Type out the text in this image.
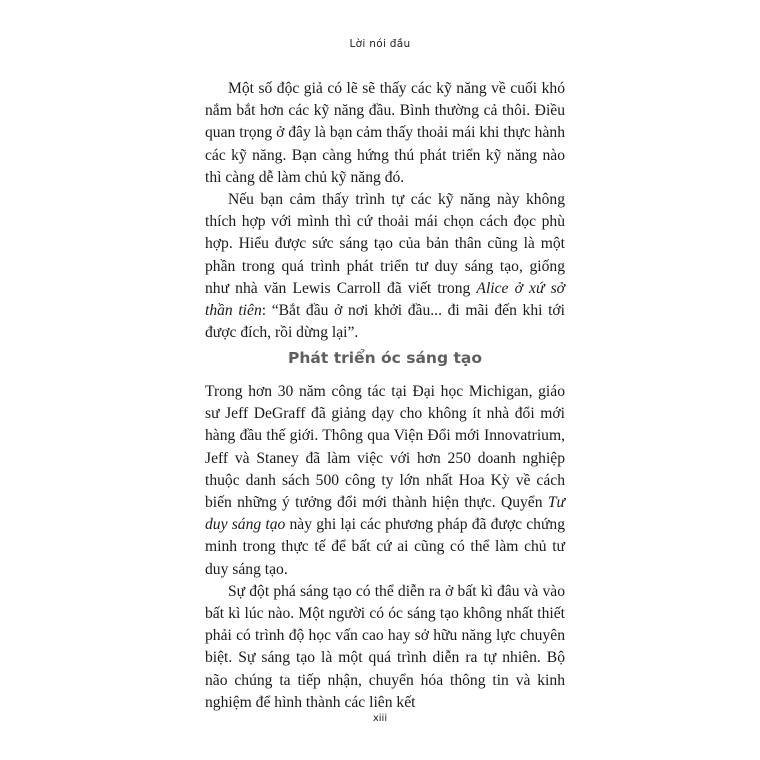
Lời nói đầu

Một số độc giả có lẽ sẽ thấy các kỹ năng về cuối khó nắm bắt hơn các kỹ năng đầu. Bình thường cả thôi. Điều quan trọng ở đây là bạn cảm thấy thoải mái khi thực hành các kỹ năng. Bạn càng hứng thú phát triển kỹ năng nào thì càng dễ làm chủ kỹ năng đó.

Nếu bạn cảm thấy trình tự các kỹ năng này không thích hợp với mình thì cứ thoải mái chọn cách đọc phù hợp. Hiểu được sức sáng tạo của bản thân cũng là một phần trong quá trình phát triển tư duy sáng tạo, giống như nhà văn Lewis Carroll đã viết trong Alice ở xứ sở thần tiên: “Bắt đầu ở nơi khởi đầu... đi mãi đến khi tới được đích, rồi dừng lại”.

Phát triển óc sáng tạo

Trong hơn 30 năm công tác tại Đại học Michigan, giáo sư Jeff DeGraff đã giảng dạy cho không ít nhà đổi mới hàng đầu thế giới. Thông qua Viện Đổi mới Innovatrium, Jeff và Staney đã làm việc với hơn 250 doanh nghiệp thuộc danh sách 500 công ty lớn nhất Hoa Kỳ về cách biến những ý tưởng đổi mới thành hiện thực. Quyển Tư duy sáng tạo này ghi lại các phương pháp đã được chứng minh trong thực tế để bất cứ ai cũng có thể làm chủ tư duy sáng tạo.

Sự đột phá sáng tạo có thể diễn ra ở bất kì đâu và vào bất kì lúc nào. Một người có óc sáng tạo không nhất thiết phải có trình độ học vấn cao hay sở hữu năng lực chuyên biệt. Sự sáng tạo là một quá trình diễn ra tự nhiên. Bộ não chúng ta tiếp nhận, chuyển hóa thông tin và kinh nghiệm để hình thành các liên kết

xiii
